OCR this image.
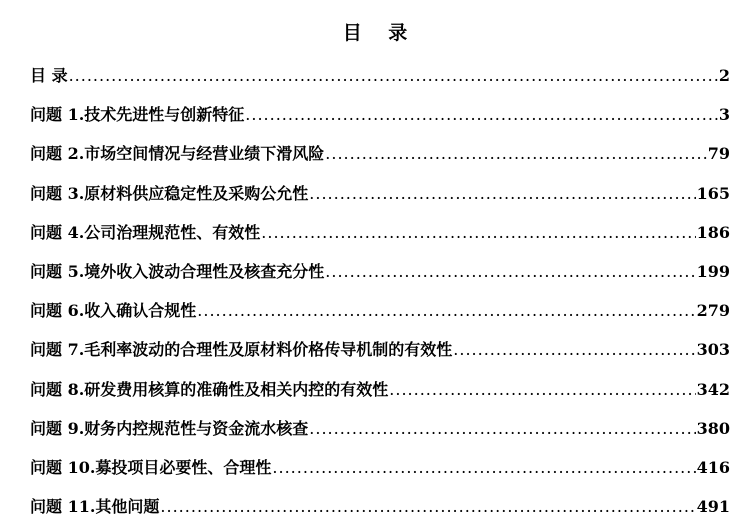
目 录
目 录 .....	2
问题 1.技术先进性与创新特征 .....	3
问题 2.市场空间情况与经营业绩下滑风险 .....	79
问题 3.原材料供应稳定性及采购公允性 .....	165
问题 4.公司治理规范性、有效性 .....	186
问题 5.境外收入波动合理性及核查充分性 .....	199
问题 6.收入确认合规性 .....	279
问题 7.毛利率波动的合理性及原材料价格传导机制的有效性 .....	303
问题 8.研发费用核算的准确性及相关内控的有效性 .....	342
问题 9.财务内控规范性与资金流水核查 .....	380
问题 10.募投项目必要性、合理性 .....	416
问题 11.其他问题 .....	491
